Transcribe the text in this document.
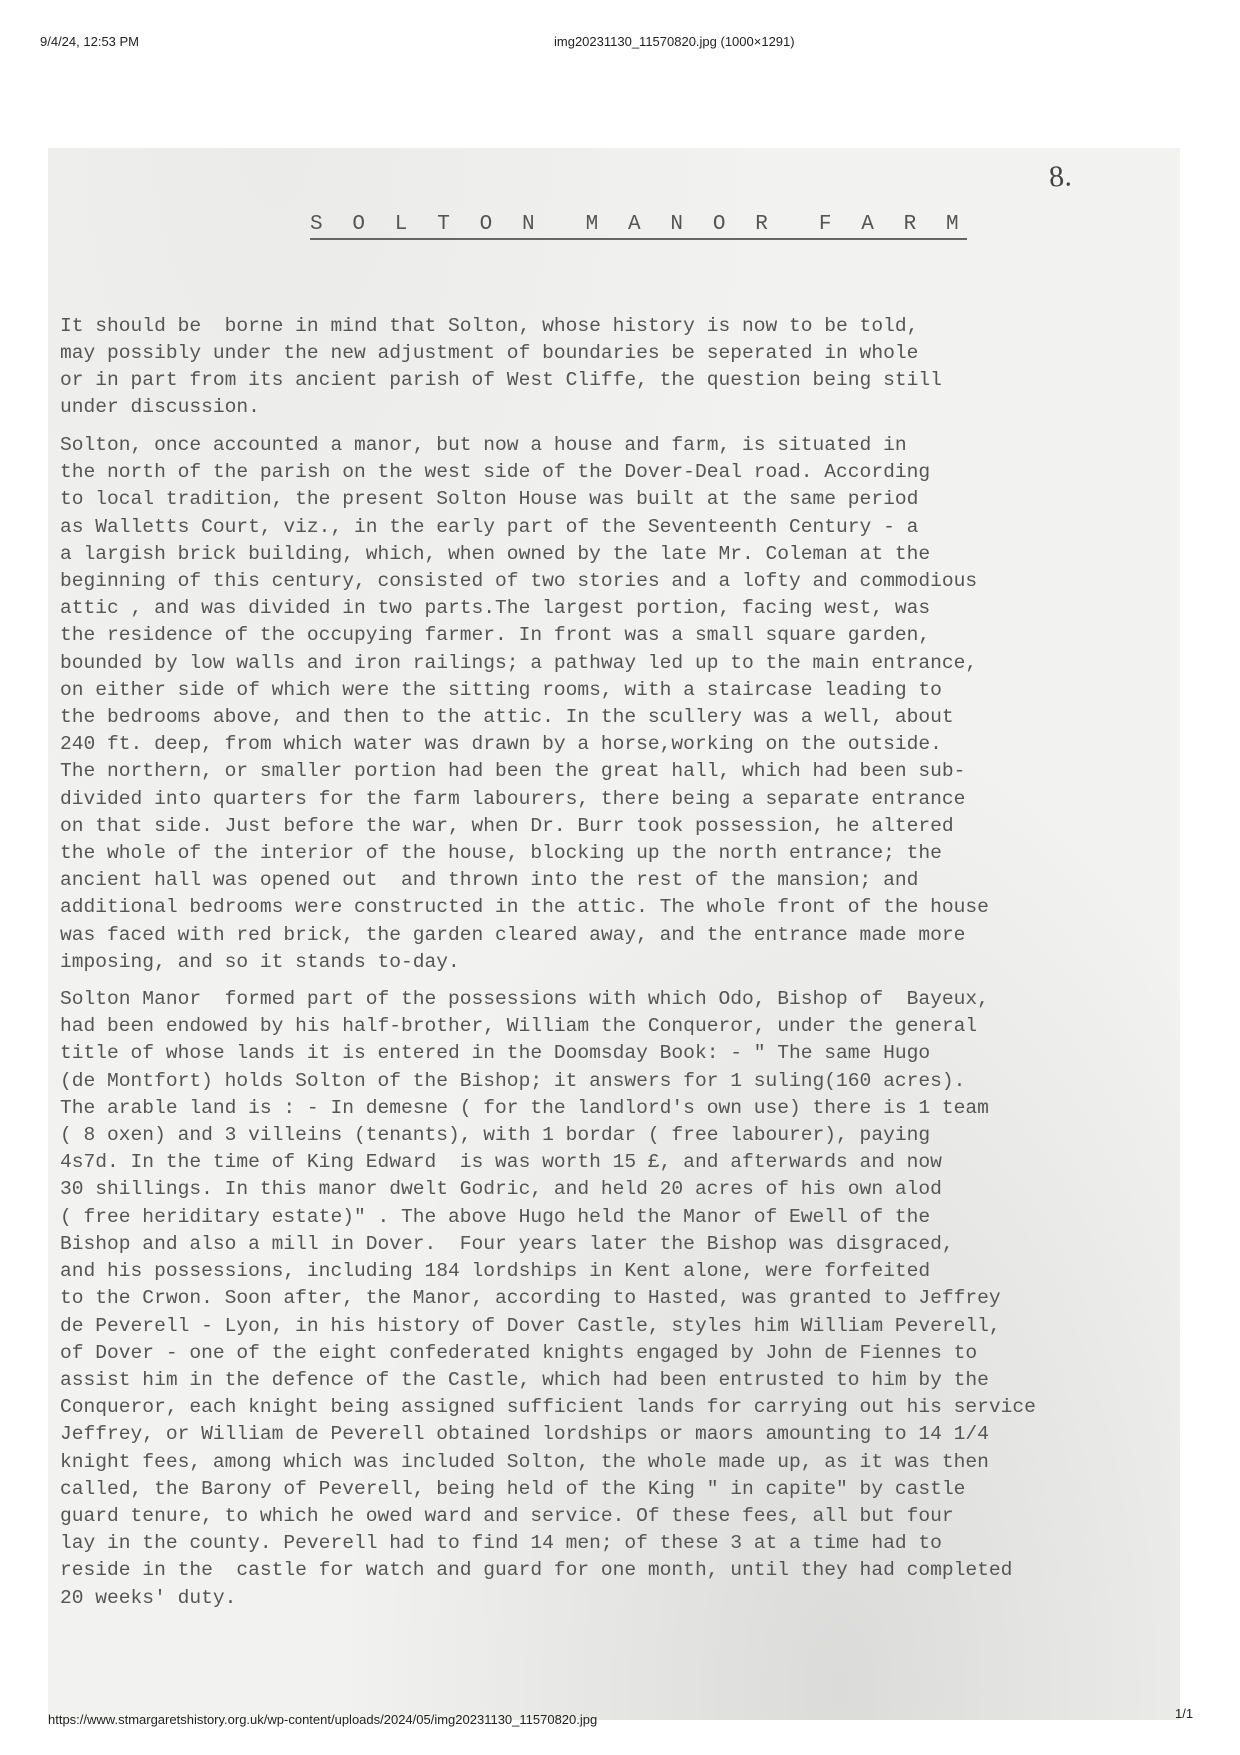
9/4/24, 12:53 PM	img20231130_11570820.jpg (1000×1291)
8.
S O L T O N  M A N O R  F A R M
It should be  borne in mind that Solton, whose history is now to be told,
may possibly under the new adjustment of boundaries be seperated in whole
or in part from its ancient parish of West Cliffe, the question being still
under discussion.
Solton, once accounted a manor, but now a house and farm, is situated in
the north of the parish on the west side of the Dover-Deal road. According
to local tradition, the present Solton House was built at the same period
as Walletts Court, viz., in the early part of the Seventeenth Century - a
a largish brick building, which, when owned by the late Mr. Coleman at the
beginning of this century, consisted of two stories and a lofty and commodious
attic , and was divided in two parts.The largest portion, facing west, was
the residence of the occupying farmer. In front was a small square garden,
bounded by low walls and iron railings; a pathway led up to the main entrance,
on either side of which were the sitting rooms, with a staircase leading to
the bedrooms above, and then to the attic. In the scullery was a well, about
240 ft. deep, from which water was drawn by a horse,working on the outside.
The northern, or smaller portion had been the great hall, which had been sub-
divided into quarters for the farm labourers, there being a separate entrance
on that side. Just before the war, when Dr. Burr took possession, he altered
the whole of the interior of the house, blocking up the north entrance; the
ancient hall was opened out  and thrown into the rest of the mansion; and
additional bedrooms were constructed in the attic. The whole front of the house
was faced with red brick, the garden cleared away, and the entrance made more
imposing, and so it stands to-day.
Solton Manor  formed part of the possessions with which Odo, Bishop of  Bayeux,
had been endowed by his half-brother, William the Conqueror, under the general
title of whose lands it is entered in the Doomsday Book: - " The same Hugo
(de Montfort) holds Solton of the Bishop; it answers for 1 suling(160 acres).
The arable land is : - In demesne ( for the landlord's own use) there is 1 team
( 8 oxen) and 3 villeins (tenants), with 1 bordar ( free labourer), paying
4s7d. In the time of King Edward  is was worth 15 £, and afterwards and now
30 shillings. In this manor dwelt Godric, and held 20 acres of his own alod
( free heriditary estate)" . The above Hugo held the Manor of Ewell of the
Bishop and also a mill in Dover.  Four years later the Bishop was disgraced,
and his possessions, including 184 lordships in Kent alone, were forfeited
to the Crwon. Soon after, the Manor, according to Hasted, was granted to Jeffrey
de Peverell - Lyon, in his history of Dover Castle, styles him William Peverell,
of Dover - one of the eight confederated knights engaged by John de Fiennes to
assist him in the defence of the Castle, which had been entrusted to him by the
Conqueror, each knight being assigned sufficient lands for carrying out his service
Jeffrey, or William de Peverell obtained lordships or maors amounting to 14 1/4
knight fees, among which was included Solton, the whole made up, as it was then
called, the Barony of Peverell, being held of the King " in capite" by castle
guard tenure, to which he owed ward and service. Of these fees, all but four
lay in the county. Peverell had to find 14 men; of these 3 at a time had to
reside in the  castle for watch and guard for one month, until they had completed
20 weeks' duty.
https://www.stmargaretshistory.org.uk/wp-content/uploads/2024/05/img20231130_11570820.jpg	1/1
